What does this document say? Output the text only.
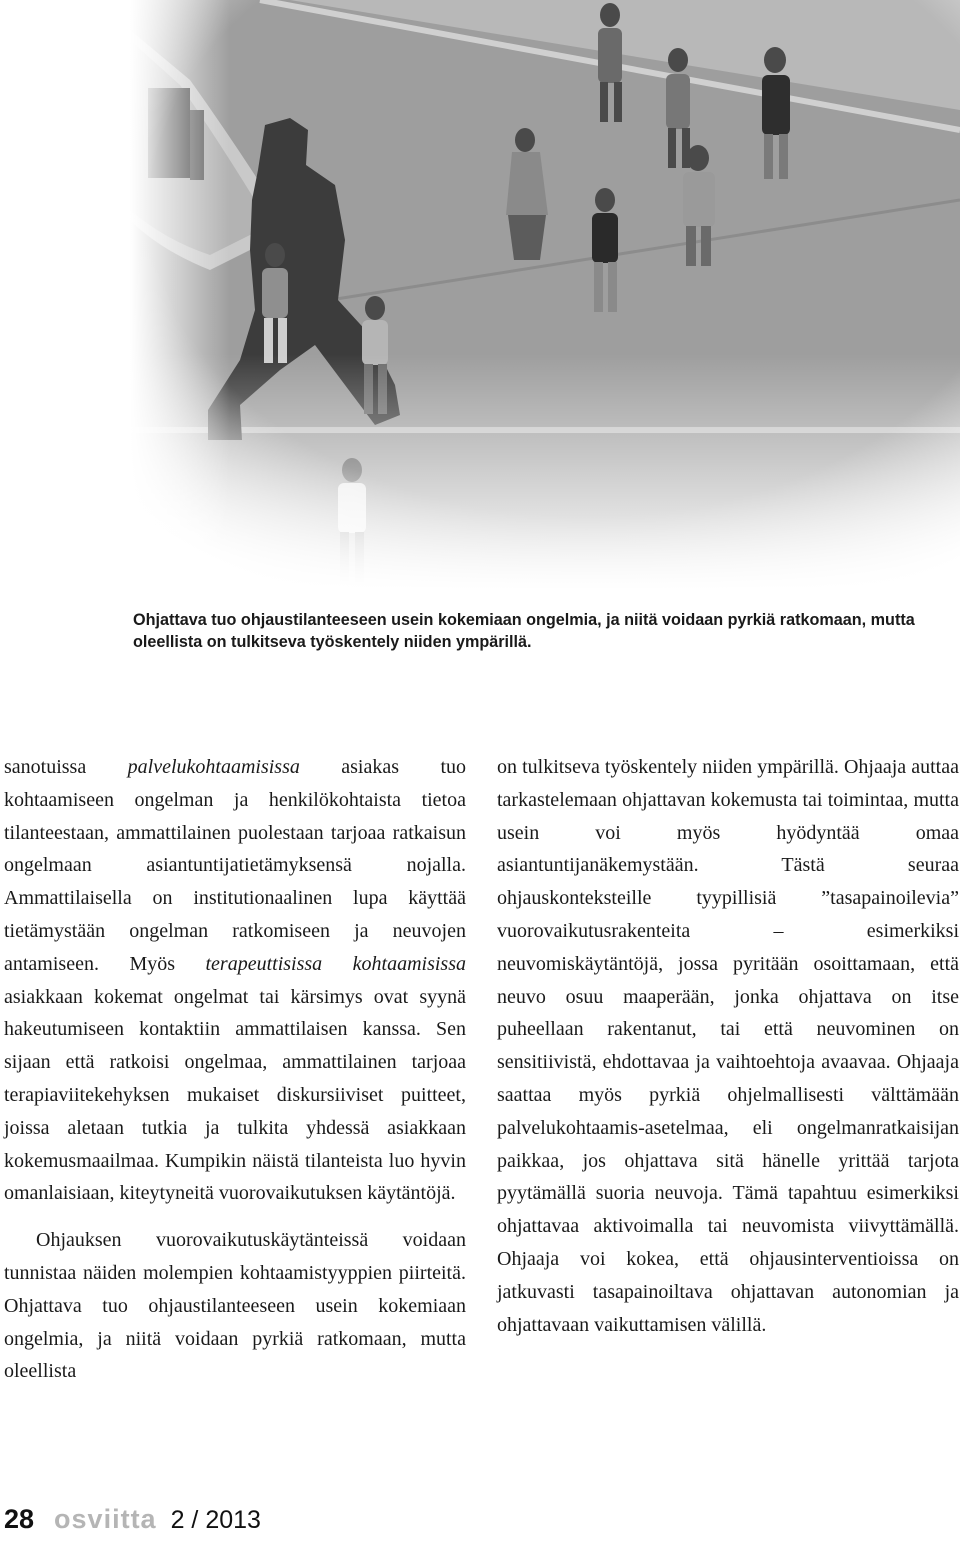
Ohjattava tuo ohjaustilanteeseen usein kokemiaan ongelmia, ja niitä voidaan pyrkiä ratkomaan, mutta oleellista on tulkitseva työskentely niiden ympärillä.

sanotuissa palvelukohtaamisissa asiakas tuo kohtaamiseen ongelman ja henkilökohtaista tietoa tilanteestaan, ammattilainen puolestaan tarjoaa ratkaisun ongelmaan asiantuntijatietämyksensä nojalla. Ammattilaisella on institutionaalinen lupa käyttää tietämystään ongelman ratkomiseen ja neuvojen antamiseen. Myös terapeuttisissa kohtaamisissa asiakkaan kokemat ongelmat tai kärsimys ovat syynä hakeutumiseen kontaktiin ammattilaisen kanssa. Sen sijaan että ratkoisi ongelmaa, ammattilainen tarjoaa terapiaviitekehyksen mukaiset diskursiiviset puitteet, joissa aletaan tutkia ja tulkita yhdessä asiakkaan kokemusmaailmaa. Kumpikin näistä tilanteista luo hyvin omanlaisiaan, kiteytyneitä vuorovaikutuksen käytäntöjä.

Ohjauksen vuorovaikutuskäytänteissä voidaan tunnistaa näiden molempien kohtaamistyyppien piirteitä. Ohjattava tuo ohjaustilanteeseen usein kokemiaan ongelmia, ja niitä voidaan pyrkiä ratkomaan, mutta oleellista

on tulkitseva työskentely niiden ympärillä. Ohjaaja auttaa tarkastelemaan ohjattavan kokemusta tai toimintaa, mutta usein voi myös hyödyntää omaa asiantuntijanäkemystään. Tästä seuraa ohjauskonteksteille tyypillisiä ”tasapainoilevia” vuorovaikutusrakenteita – esimerkiksi neuvomiskäytäntöjä, jossa pyritään osoittamaan, että neuvo osuu maaperään, jonka ohjattava on itse puheellaan rakentanut, tai että neuvominen on sensitiivistä, ehdottavaa ja vaihtoehtoja avaavaa. Ohjaaja saattaa myös pyrkiä ohjelmallisesti välttämään palvelukohtaamis-asetelmaa, eli ongelmanratkaisijan paikkaa, jos ohjattava sitä hänelle yrittää tarjota pyytämällä suoria neuvoja. Tämä tapahtuu esimerkiksi ohjattavaa aktivoimalla tai neuvomista viivyttämällä. Ohjaaja voi kokea, että ohjausinterventioissa on jatkuvasti tasapainoiltava ohjattavan autonomian ja ohjattavaan vaikuttamisen välillä.

28 osviitta 2 / 2013
